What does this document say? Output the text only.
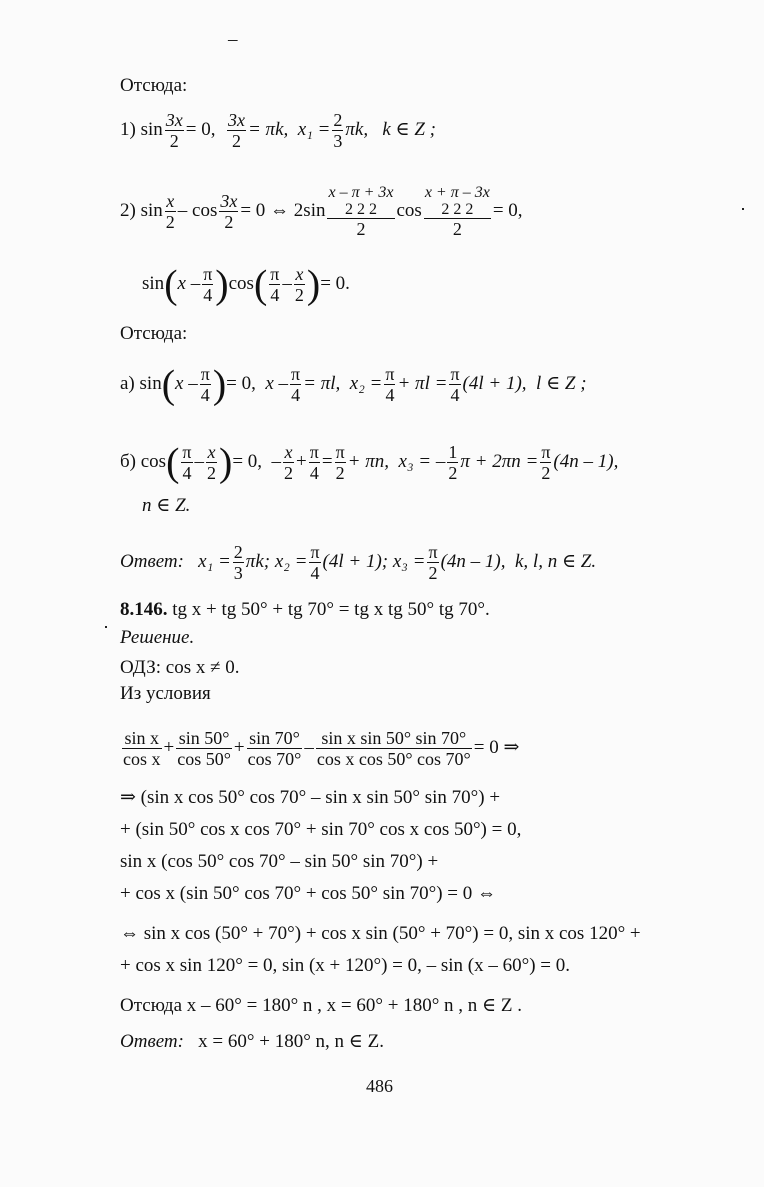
–
Отсюда:
1) $\sin \frac{3x}{2} = 0$, $\frac{3x}{2} = \pi k$, $x_1 = \frac{2}{3} \pi k$, k ∈ Z ;
2) $\sin \frac{x}{2} - \cos \frac{3x}{2} = 0$ ⇔ 2sin
x – π + 3x
2 2 2
2
cos
x + π – 3x
2 2 2
2
= 0,
$\sin(x - \frac{\pi}{4} )\cos( \frac{\pi}{4} - \frac{x}{2}$ )= 0.
Отсюда:
а) $\sin(x - \frac{\pi}{4}$ )= 0, $x - \frac{\pi}{4} = \pi l$, $x_2 = \frac{\pi}{4} + \pi l = \frac{\pi}{4} (4l + 1)$, l ∈ Z ;
б) $\cos( \frac{\pi}{4} - \frac{x}{2}$ )= 0, – $\frac{x}{2} + \frac{\pi}{4} = \frac{\pi}{2} + \pi n$, x₃ = – $\frac{1}{2}$ $\pi + 2\pi n = \frac{\pi}{2} (4n - 1)$,
n ∈ Z.
Ответ: $x_1 = \frac{2}{3} \pi k$; $x_2 = \frac{\pi}{4} (4l + 1)$; $x_3 = \frac{\pi}{2} (4n - 1)$, k, l, n ∈ Z.
8.146. tg x + tg 50° + tg 70° = tg x tg 50° tg 70°.
Решение.
ОДЗ: cos x ≠ 0.
Из условия
$\frac{\text{sin x}}{\text{cos x}} + \frac{\sin 50^\circ}{\cos 50^\circ} + \frac{\sin 70^\circ}{\cos 70^\circ} - \frac{\text{sin x sin 50° sin 70°}}{\text{cos x cos 50° cos 70°}} = 0$ ⇒
⇒ (sin x cos 50° cos 70° – sin x sin 50° sin 70°) +
+ (sin 50° cos x cos 70° + sin 70° cos x cos 50°) = 0,
sin x (cos 50° cos 70° – sin 50° sin 70°) +
+ cos x (sin 50° cos 70° + cos 50° sin 70°) = 0 ⇔
⇔ sin x cos (50° + 70°) + cos x sin (50° + 70°) = 0, sin x cos 120° +
+ cos x sin 120° = 0, sin (x + 120°) = 0, – sin (x – 60°) = 0.
Отсюда x – 60° = 180° n , x = 60° + 180° n , n ∈ Z .
Ответ: x = 60° + 180° n, n ∈ Z.
486
